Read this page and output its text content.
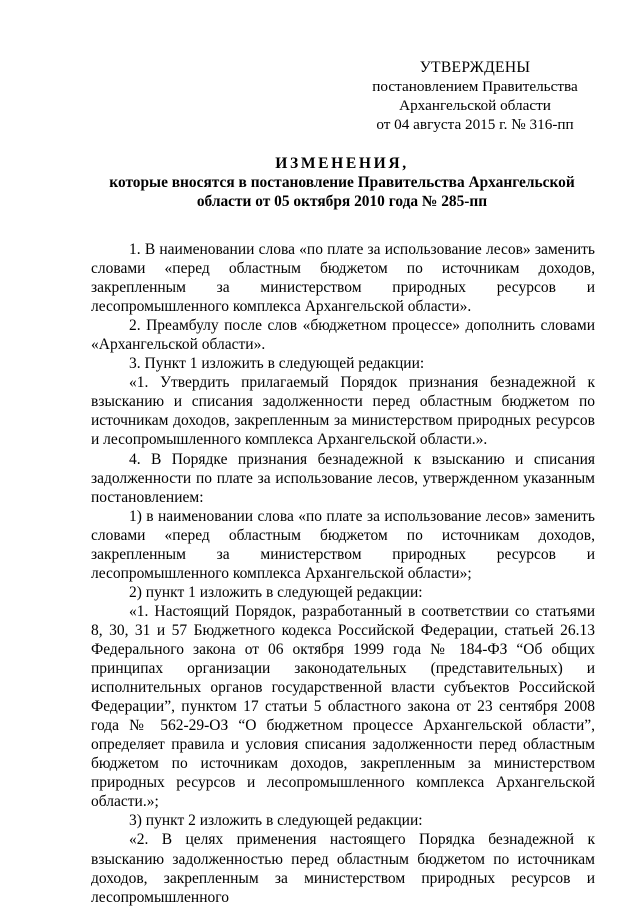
УТВЕРЖДЕНЫ
постановлением Правительства
Архангельской области
от 04 августа 2015 г. № 316-пп
ИЗМЕНЕНИЯ,
которые вносятся в постановление Правительства Архангельской
области от 05 октября 2010 года № 285-пп

1. В наименовании слова «по плате за использование лесов» заменить словами «перед областным бюджетом по источникам доходов, закрепленным за министерством природных ресурсов и лесопромышленного комплекса Архангельской области».

2. Преамбулу после слов «бюджетном процессе» дополнить словами «Архангельской области».

3. Пункт 1 изложить в следующей редакции:

«1. Утвердить прилагаемый Порядок признания безнадежной к взысканию и списания задолженности перед областным бюджетом по источникам доходов, закрепленным за министерством природных ресурсов и лесопромышленного комплекса Архангельской области.».

4. В Порядке признания безнадежной к взысканию и списания задолженности по плате за использование лесов, утвержденном указанным постановлением:

1) в наименовании слова «по плате за использование лесов» заменить словами «перед областным бюджетом по источникам доходов, закрепленным за министерством природных ресурсов и лесопромышленного комплекса Архангельской области»;

2) пункт 1 изложить в следующей редакции:

«1. Настоящий Порядок, разработанный в соответствии со статьями 8, 30, 31 и 57 Бюджетного кодекса Российской Федерации, статьей 26.13 Федерального закона от 06 октября 1999 года № 184-ФЗ “Об общих принципах организации законодательных (представительных) и исполнительных органов государственной власти субъектов Российской Федерации”, пунктом 17 статьи 5 областного закона от 23 сентября 2008 года № 562-29-ОЗ “О бюджетном процессе Архангельской области”, определяет правила и условия списания задолженности перед областным бюджетом по источникам доходов, закрепленным за министерством природных ресурсов и лесопромышленного комплекса Архангельской области.»;

3) пункт 2 изложить в следующей редакции:

«2. В целях применения настоящего Порядка безнадежной к взысканию задолженностью перед областным бюджетом по источникам доходов, закрепленным за министерством природных ресурсов и лесопромышленного
